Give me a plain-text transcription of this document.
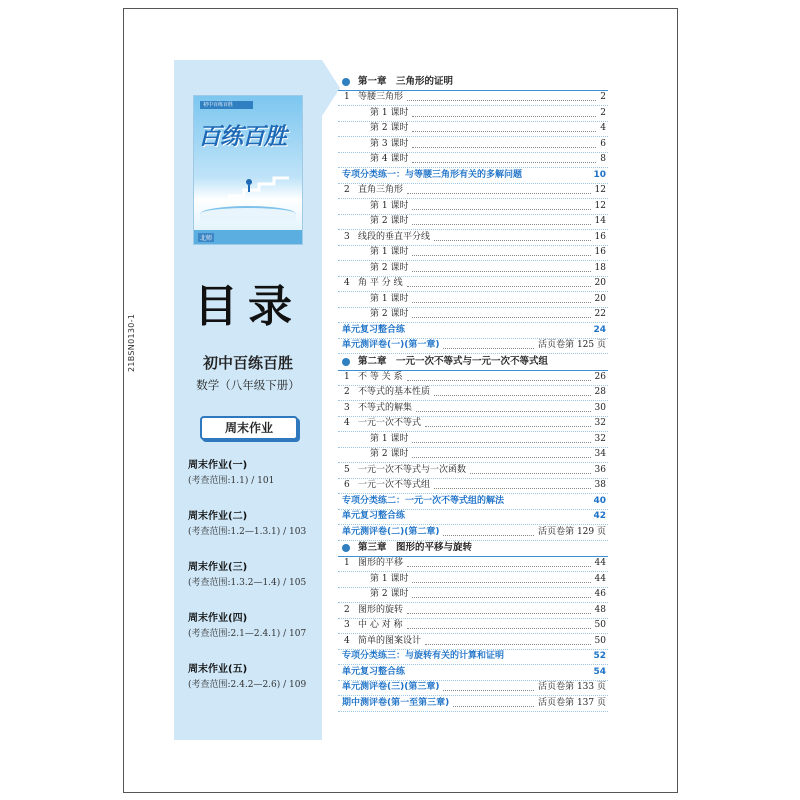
21BSN0130-1
初中百练百胜
百练百胜
北师
目录
初中百练百胜
数学（八年级下册）
周末作业
周末作业(一)
(考查范围:1.1) / 101
周末作业(二)
(考查范围:1.2—1.3.1) / 103
周末作业(三)
(考查范围:1.3.2—1.4) / 105
周末作业(四)
(考查范围:2.1—2.4.1) / 107
周末作业(五)
(考查范围:2.4.2—2.6) / 109
第一章　三角形的证明
1 等腰三角形	2
第 1 课时	2
第 2 课时	4
第 3 课时	6
第 4 课时	8
专项分类练一：与等腰三角形有关的多解问题	10
2 直角三角形	12
第 1 课时	12
第 2 课时	14
3 线段的垂直平分线	16
第 1 课时	16
第 2 课时	18
4 角 平 分 线	20
第 1 课时	20
第 2 课时	22
单元复习整合练	24
单元测评卷(一)(第一章)	活页卷第 125 页
第二章　一元一次不等式与一元一次不等式组
1 不 等 关 系	26
2 不等式的基本性质	28
3 不等式的解集	30
4 一元一次不等式	32
第 1 课时	32
第 2 课时	34
5 一元一次不等式与一次函数	36
6 一元一次不等式组	38
专项分类练二：一元一次不等式组的解法	40
单元复习整合练	42
单元测评卷(二)(第二章)	活页卷第 129 页
第三章　图形的平移与旋转
1 图形的平移	44
第 1 课时	44
第 2 课时	46
2 图形的旋转	48
3 中 心 对 称	50
4 简单的图案设计	50
专项分类练三：与旋转有关的计算和证明	52
单元复习整合练	54
单元测评卷(三)(第三章)	活页卷第 133 页
期中测评卷(第一至第三章)	活页卷第 137 页
